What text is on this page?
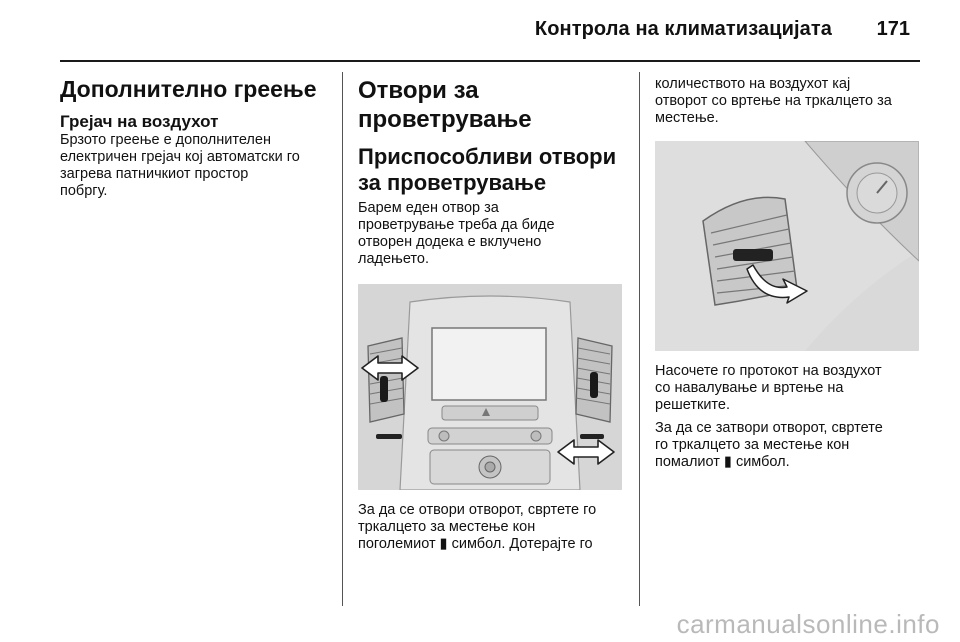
Контрола на климатизацијата 171
Дополнително греење
Грејач на воздухот

Брзото греење е дополнителен
електричен грејач кој автоматски го
загрева патничкиот простор
побргу.

Отвори за
проветрување
Приспособливи отвори
за проветрување

Барем еден отвор за
проветрување треба да биде
отворен додека е вклучено
ладењето.

За да се отвори отворот, свртете го
тркалцето за местење кон
поголемиот ▮ симбол. Дотерајте го

количеството на воздухот кај
отворот со вртење на тркалцето за
местење.

Насочете го протокот на воздухот
со навалување и вртење на
решетките.

За да се затвори отворот, свртете
го тркалцето за местење кон
помалиот ▮ симбол.

carmanualsonline.info
